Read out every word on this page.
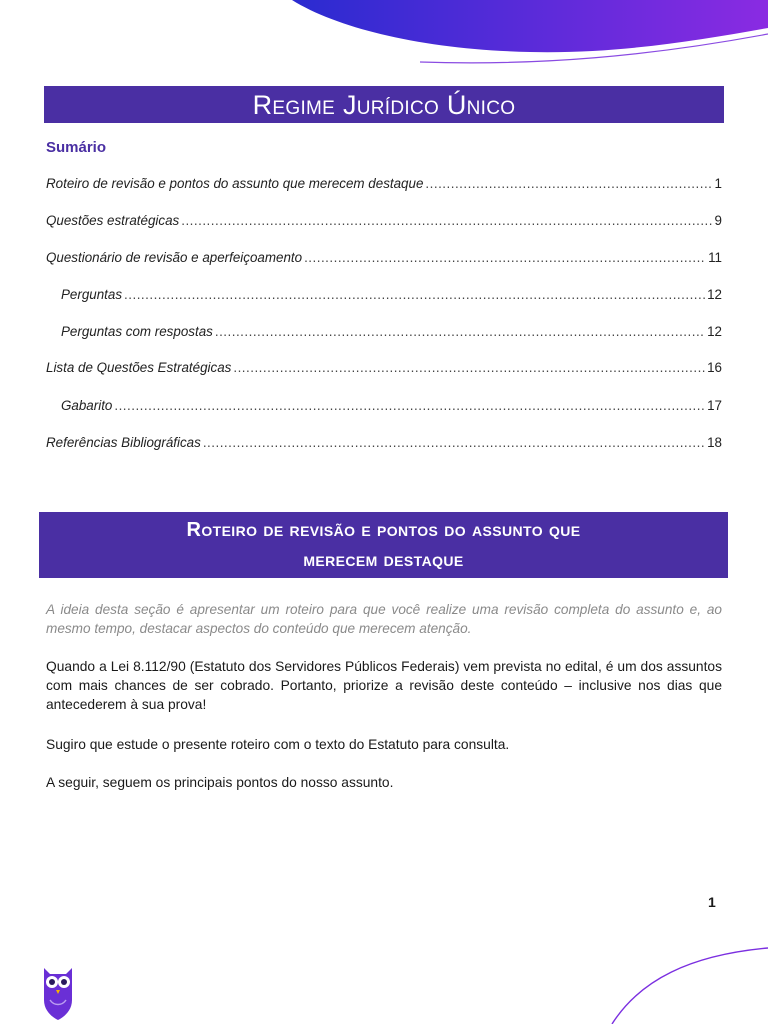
Regime Jurídico Único
Sumário
Roteiro de revisão e pontos do assunto que merecem destaque .....	1
Questões estratégicas .....	9
Questionário de revisão e aperfeiçoamento .....	11
Perguntas .....	12
Perguntas com respostas .....	12
Lista de Questões Estratégicas .....	16
Gabarito .....	17
Referências Bibliográficas .....	18
Roteiro de revisão e pontos do assunto que
merecem destaque
A ideia desta seção é apresentar um roteiro para que você realize uma revisão completa do assunto e, ao mesmo tempo, destacar aspectos do conteúdo que merecem atenção.
Quando a Lei 8.112/90 (Estatuto dos Servidores Públicos Federais) vem prevista no edital, é um dos assuntos com mais chances de ser cobrado. Portanto, priorize a revisão deste conteúdo – inclusive nos dias que antecederem à sua prova!
Sugiro que estude o presente roteiro com o texto do Estatuto para consulta.
A seguir, seguem os principais pontos do nosso assunto.
1
